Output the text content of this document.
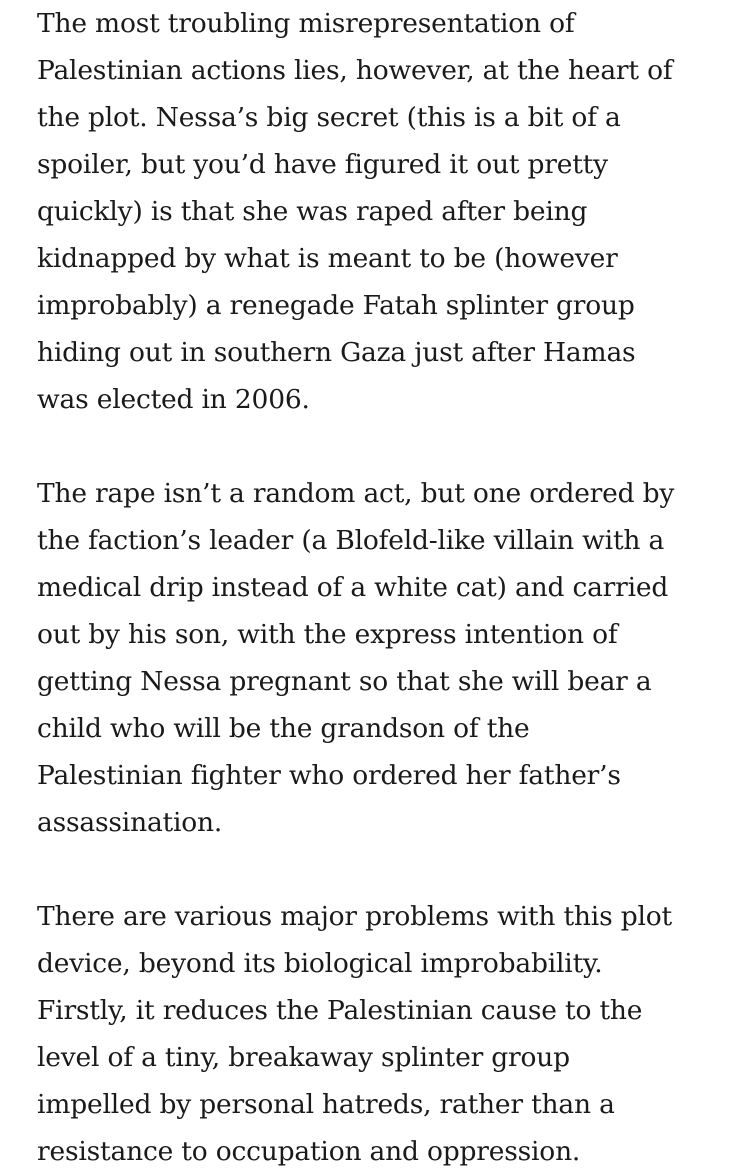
The most troubling misrepresentation of
Palestinian actions lies, however, at the heart of
the plot. Nessa’s big secret (this is a bit of a
spoiler, but you’d have figured it out pretty
quickly) is that she was raped after being
kidnapped by what is meant to be (however
improbably) a renegade Fatah splinter group
hiding out in southern Gaza just after Hamas
was elected in 2006.
The rape isn’t a random act, but one ordered by
the faction’s leader (a Blofeld-like villain with a
medical drip instead of a white cat) and carried
out by his son, with the express intention of
getting Nessa pregnant so that she will bear a
child who will be the grandson of the
Palestinian fighter who ordered her father’s
assassination.
There are various major problems with this plot
device, beyond its biological improbability.
Firstly, it reduces the Palestinian cause to the
level of a tiny, breakaway splinter group
impelled by personal hatreds, rather than a
resistance to occupation and oppression.
